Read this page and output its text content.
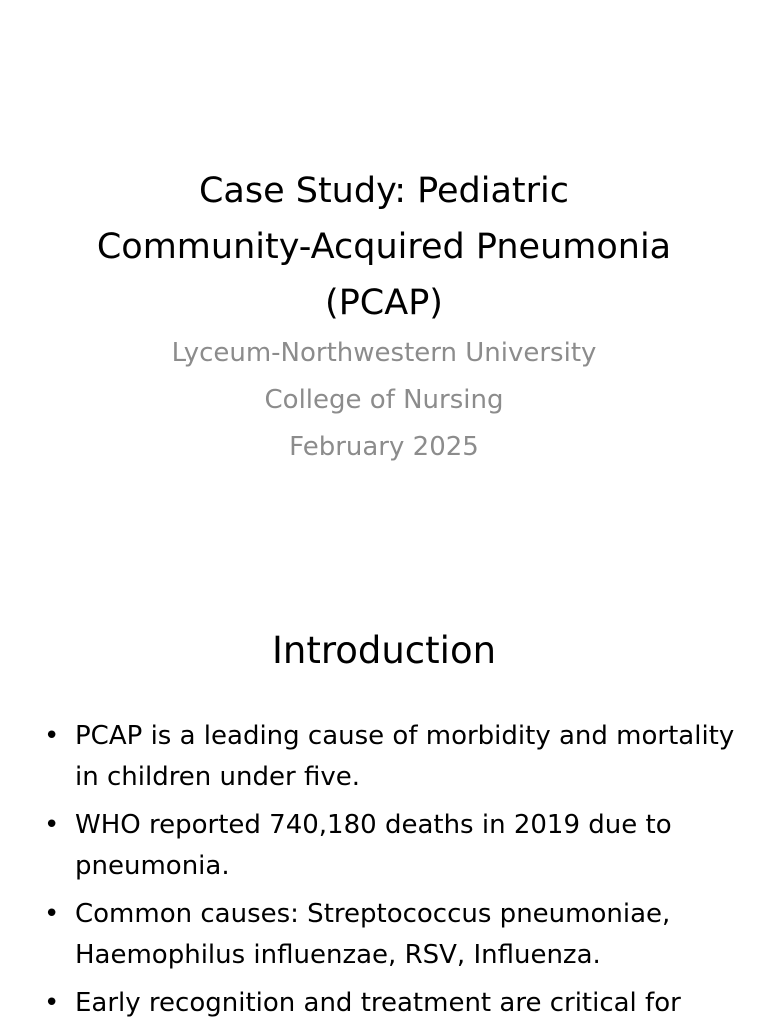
Case Study: Pediatric
Community-Acquired Pneumonia
(PCAP)
Lyceum-Northwestern University
College of Nursing
February 2025
Introduction
• PCAP is a leading cause of morbidity and mortality in children under five.
• WHO reported 740,180 deaths in 2019 due to pneumonia.
• Common causes: Streptococcus pneumoniae, Haemophilus influenzae, RSV, Influenza.
• Early recognition and treatment are critical for
